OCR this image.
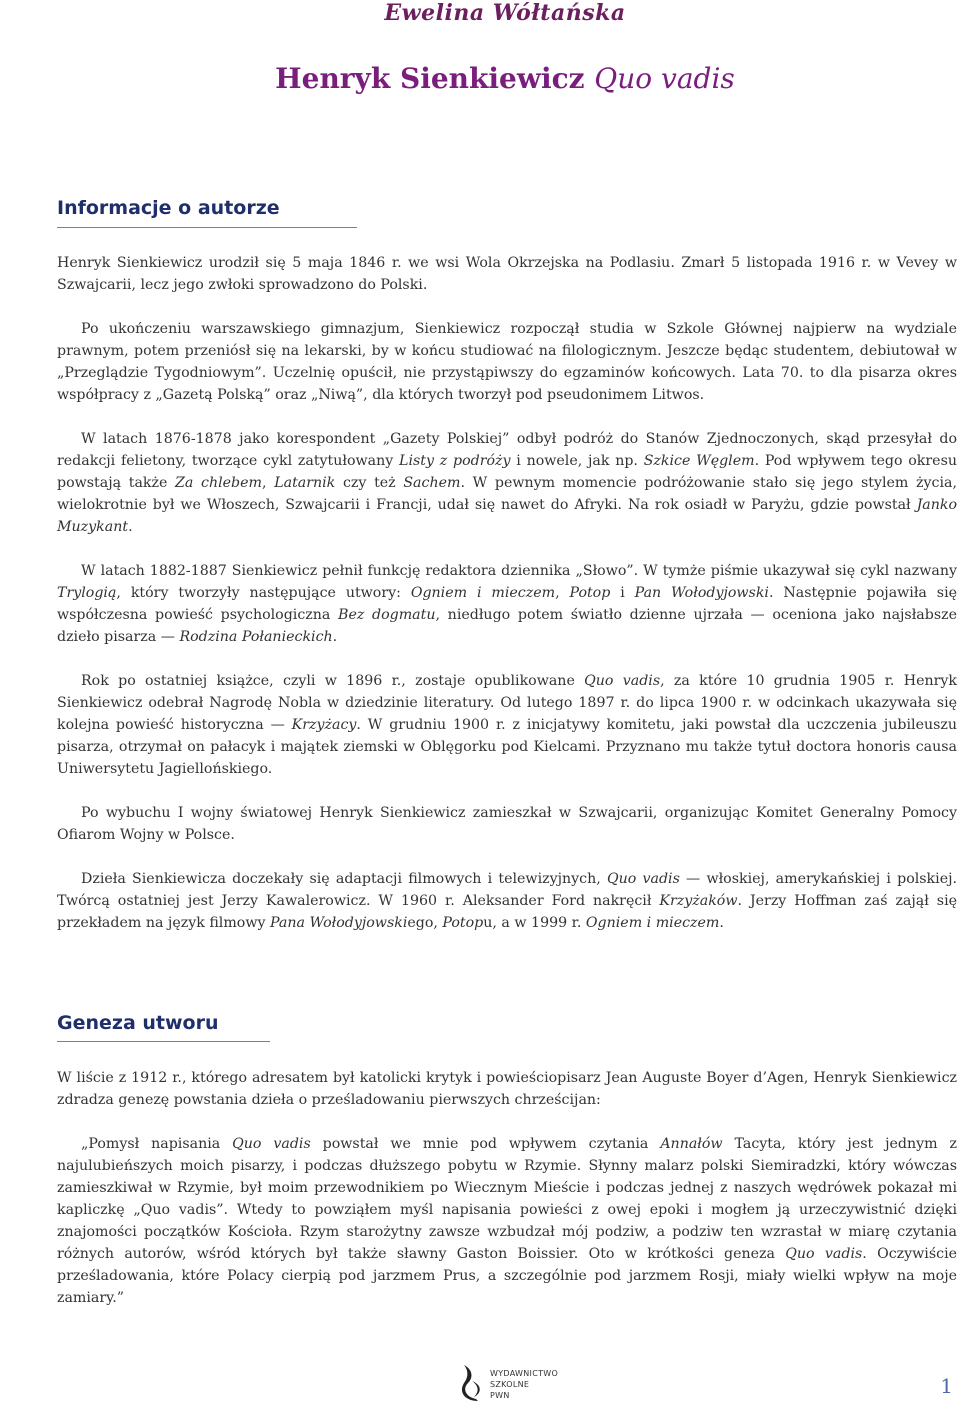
Ewelina Wółtańska
Henryk Sienkiewicz Quo vadis
Informacje o autorze

Henryk Sienkiewicz urodził się 5 maja 1846 r. we wsi Wola Okrzejska na Podlasiu. Zmarł 5 listopada 1916 r. w Vevey w Szwajcarii, lecz jego zwłoki sprowadzono do Polski.

Po ukończeniu warszawskiego gimnazjum, Sienkiewicz rozpoczął studia w Szkole Głównej najpierw na wydziale prawnym, potem przeniósł się na lekarski, by w końcu studiować na filologicznym. Jeszcze będąc studentem, debiutował w „Przeglądzie Tygodniowym”. Uczelnię opuścił, nie przystąpiwszy do egzaminów końcowych. Lata 70. to dla pisarza okres współpracy z „Gazetą Polską” oraz „Niwą”, dla których tworzył pod pseudonimem Litwos.

W latach 1876-1878 jako korespondent „Gazety Polskiej” odbył podróż do Stanów Zjednoczonych, skąd przesyłał do redakcji felietony, tworzące cykl zatytułowany Listy z podróży i nowele, jak np. Szkice Węglem. Pod wpływem tego okresu powstają także Za chlebem, Latarnik czy też Sachem. W pewnym momencie podróżowanie stało się jego stylem życia, wielokrotnie był we Włoszech, Szwajcarii i Francji, udał się nawet do Afryki. Na rok osiadł w Paryżu, gdzie powstał Janko Muzykant.

W latach 1882-1887 Sienkiewicz pełnił funkcję redaktora dziennika „Słowo”. W tymże piśmie ukazywał się cykl nazwany Trylogią, który tworzyły następujące utwory: Ogniem i mieczem, Potop i Pan Wołodyjowski. Następnie pojawiła się współczesna powieść psychologiczna Bez dogmatu, niedługo potem światło dzienne ujrzała — oceniona jako najsłabsze dzieło pisarza — Rodzina Połanieckich.

Rok po ostatniej książce, czyli w 1896 r., zostaje opublikowane Quo vadis, za które 10 grudnia 1905 r. Henryk Sienkiewicz odebrał Nagrodę Nobla w dziedzinie literatury. Od lutego 1897 r. do lipca 1900 r. w odcinkach ukazywała się kolejna powieść historyczna — Krzyżacy. W grudniu 1900 r. z inicjatywy komitetu, jaki powstał dla uczczenia jubileuszu pisarza, otrzymał on pałacyk i majątek ziemski w Oblęgorku pod Kielcami. Przyznano mu także tytuł doctora honoris causa Uniwersytetu Jagiellońskiego.

Po wybuchu I wojny światowej Henryk Sienkiewicz zamieszkał w Szwajcarii, organizując Komitet Generalny Pomocy Ofiarom Wojny w Polsce.

Dzieła Sienkiewicza doczekały się adaptacji filmowych i telewizyjnych, Quo vadis — włoskiej, amerykańskiej i polskiej. Twórcą ostatniej jest Jerzy Kawalerowicz. W 1960 r. Aleksander Ford nakręcił Krzyżaków. Jerzy Hoffman zaś zajął się przekładem na język filmowy Pana Wołodyjowskiego, Potopu, a w 1999 r. Ogniem i mieczem.

Geneza utworu

W liście z 1912 r., którego adresatem był katolicki krytyk i powieściopisarz Jean Auguste Boyer d’Agen, Henryk Sienkiewicz zdradza genezę powstania dzieła o prześladowaniu pierwszych chrześcijan:

„Pomysł napisania Quo vadis powstał we mnie pod wpływem czytania Annałów Tacyta, który jest jednym z najulubieńszych moich pisarzy, i podczas dłuższego pobytu w Rzymie. Słynny malarz polski Siemiradzki, który wówczas zamieszkiwał w Rzymie, był moim przewodnikiem po Wiecznym Mieście i podczas jednej z naszych wędrówek pokazał mi kapliczkę „Quo vadis”. Wtedy to powziąłem myśl napisania powieści z owej epoki i mogłem ją urzeczywistnić dzięki znajomości początków Kościoła. Rzym starożytny zawsze wzbudzał mój podziw, a podziw ten wzrastał w miarę czytania różnych autorów, wśród których był także sławny Gaston Boissier. Oto w krótkości geneza Quo vadis. Oczywiście prześladowania, które Polacy cierpią pod jarzmem Prus, a szczególnie pod jarzmem Rosji, miały wielki wpływ na moje zamiary.”

WYDAWNICTWO
SZKOLNE
PWN	1
